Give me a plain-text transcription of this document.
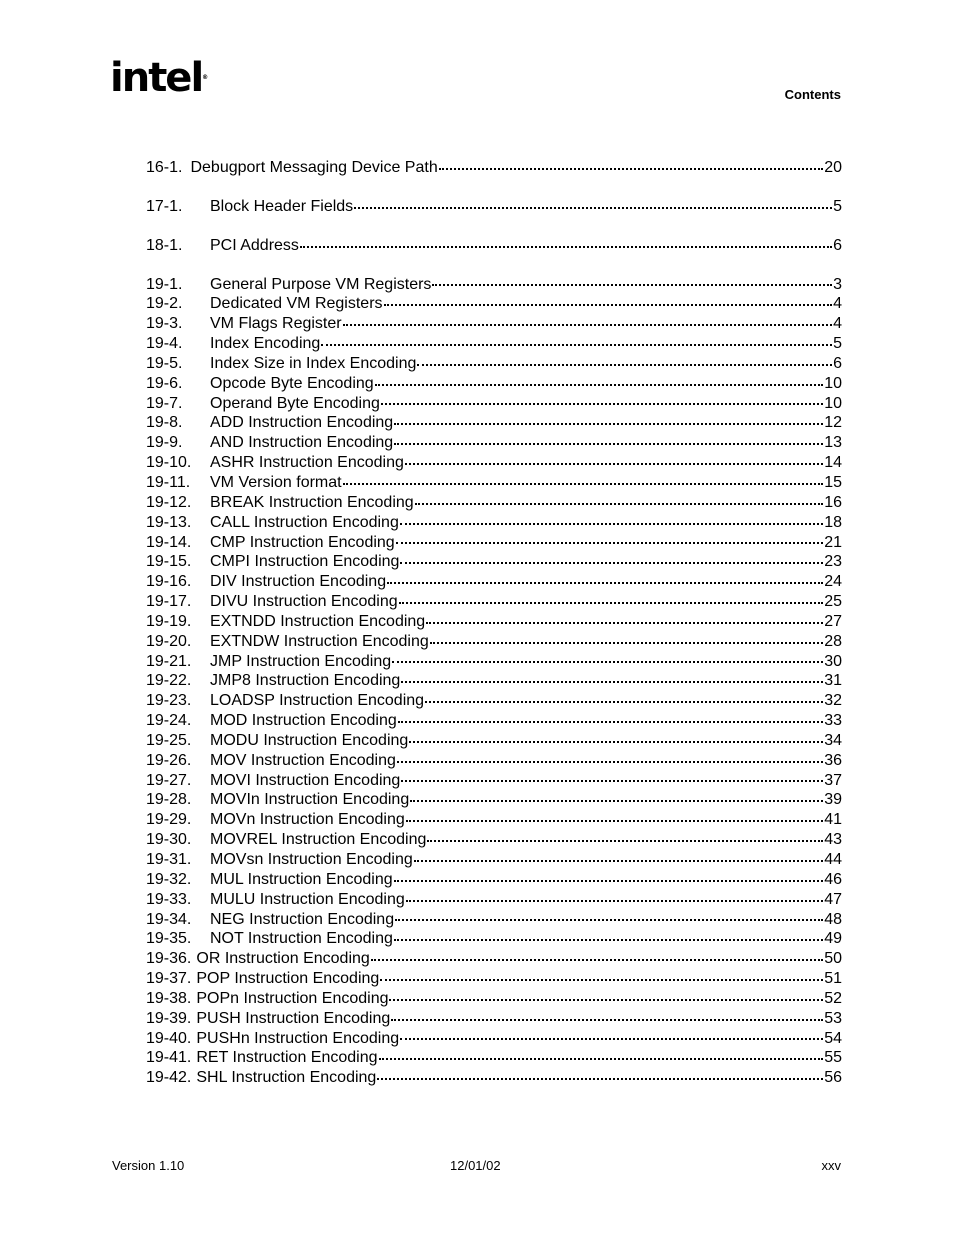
intel®
Contents
16-1. Debugport Messaging Device Path	20
17-1.	Block Header Fields	5
18-1.	PCI Address	6
19-1.	General Purpose VM Registers	3
19-2.	Dedicated VM Registers	4
19-3.	VM Flags Register	4
19-4.	Index Encoding	5
19-5.	Index Size in Index Encoding	6
19-6.	Opcode Byte Encoding	10
19-7.	Operand Byte Encoding	10
19-8.	ADD Instruction Encoding	12
19-9.	AND Instruction Encoding	13
19-10.	ASHR Instruction Encoding	14
19-11.	VM Version format	15
19-12.	BREAK Instruction Encoding	16
19-13.	CALL Instruction Encoding	18
19-14.	CMP Instruction Encoding	21
19-15.	CMPI Instruction Encoding	23
19-16.	DIV Instruction Encoding	24
19-17.	DIVU Instruction Encoding	25
19-19.	EXTNDD Instruction Encoding	27
19-20.	EXTNDW Instruction Encoding	28
19-21.	JMP Instruction Encoding	30
19-22.	JMP8 Instruction Encoding	31
19-23.	LOADSP Instruction Encoding	32
19-24.	MOD Instruction Encoding	33
19-25.	MODU Instruction Encoding	34
19-26.	MOV Instruction Encoding	36
19-27.	MOVI Instruction Encoding	37
19-28.	MOVIn Instruction Encoding	39
19-29.	MOVn Instruction Encoding	41
19-30.	MOVREL Instruction Encoding	43
19-31.	MOVsn Instruction Encoding	44
19-32.	MUL Instruction Encoding	46
19-33.	MULU Instruction Encoding	47
19-34.	NEG Instruction Encoding	48
19-35.	NOT Instruction Encoding	49
19-36. OR Instruction Encoding	50
19-37. POP Instruction Encoding	51
19-38. POPn Instruction Encoding	52
19-39. PUSH Instruction Encoding	53
19-40. PUSHn Instruction Encoding	54
19-41. RET Instruction Encoding	55
19-42. SHL Instruction Encoding	56
Version 1.10	12/01/02	xxv
